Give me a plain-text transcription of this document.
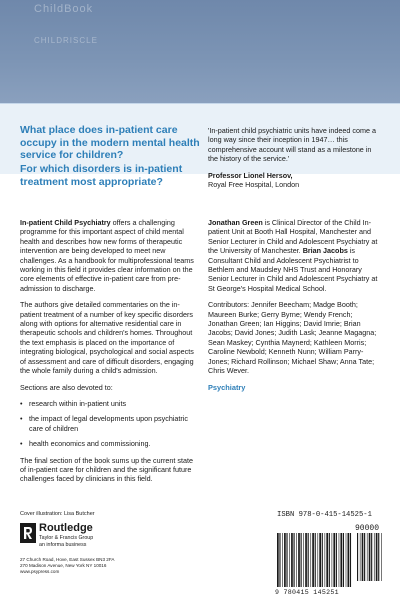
ChildBook
CHILDRISCLE
What place does in-patient care occupy in the modern mental health service for children?
For which disorders is in-patient treatment most appropriate?
'In-patient child psychiatric units have indeed come a long way since their inception in 1947… this comprehensive account will stand as a milestone in the history of the service.'
Professor Lionel Hersov,
Royal Free Hospital, London

In-patient Child Psychiatry offers a challenging programme for this important aspect of child mental health and describes how new forms of therapeutic intervention are being developed to meet new challenges. As a handbook for multiprofessional teams working in this field it provides clear information on the core elements of effective in-patient care from pre-admission to discharge.

The authors give detailed commentaries on the in-patient treatment of a number of key specific disorders along with options for alternative residential care in therapeutic schools and children's homes. Throughout the text emphasis is placed on the importance of integrating biological, psychological and social aspects of assessment and care of difficult disorders, engaging the whole family during a child's admission.

Sections are also devoted to:

• research within in-patient units
• the impact of legal developments upon psychiatric care of children
• health economics and commissioning.

The final section of the book sums up the current state of in-patient care for children and the significant future challenges faced by clinicians in this field.

Jonathan Green is Clinical Director of the Child In-patient Unit at Booth Hall Hospital, Manchester and Senior Lecturer in Child and Adolescent Psychiatry at the University of Manchester. Brian Jacobs is Consultant Child and Adolescent Psychiatrist to Bethlem and Maudsley NHS Trust and Honorary Senior Lecturer in Child and Adolescent Psychiatry at St George's Hospital Medical School.

Contributors: Jennifer Beecham; Madge Booth; Maureen Burke; Gerry Byrne; Wendy French; Jonathan Green; Ian Higgins; David Imrie; Brian Jacobs; David Jones; Judith Lask; Jeanne Magagna; Sean Maskey; Cynthia Maynerd; Kathleen Morris; Caroline Newbold; Kenneth Nunn; William Parry-Jones; Richard Rollinson; Michael Shaw; Anna Tate; Chris Wever.

Psychiatry

Cover illustration: Lisa Butcher
Routledge
Taylor & Francis Group
an informa business
27 Church Road, Hove, East Sussex BN3 2FA
270 Madison Avenue, New York NY 10016
www.psypress.com
ISBN 978-0-415-14525-1
90000
9 780415 145251
